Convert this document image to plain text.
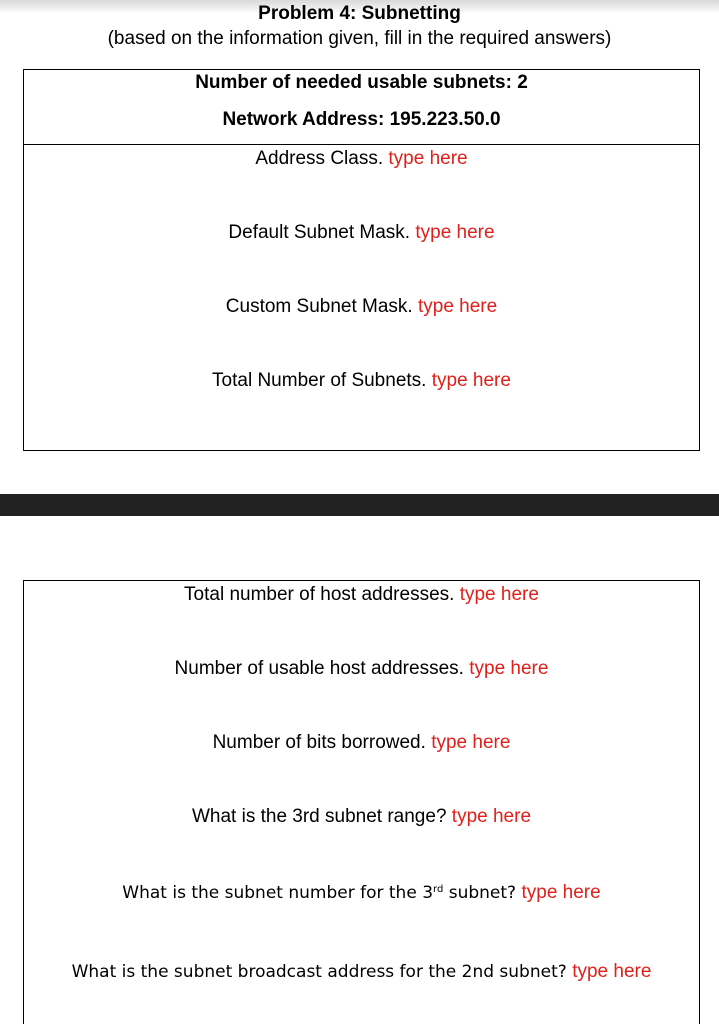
Problem 4: Subnetting
(based on the information given, fill in the required answers)
Number of needed usable subnets: 2
Network Address: 195.223.50.0
Address Class. type here
Default Subnet Mask. type here
Custom Subnet Mask. type here
Total Number of Subnets. type here
Total number of host addresses. type here
Number of usable host addresses. type here
Number of bits borrowed. type here
What is the 3rd subnet range? type here
What is the subnet number for the 3rd subnet? type here
What is the subnet broadcast address for the 2nd subnet? type here
